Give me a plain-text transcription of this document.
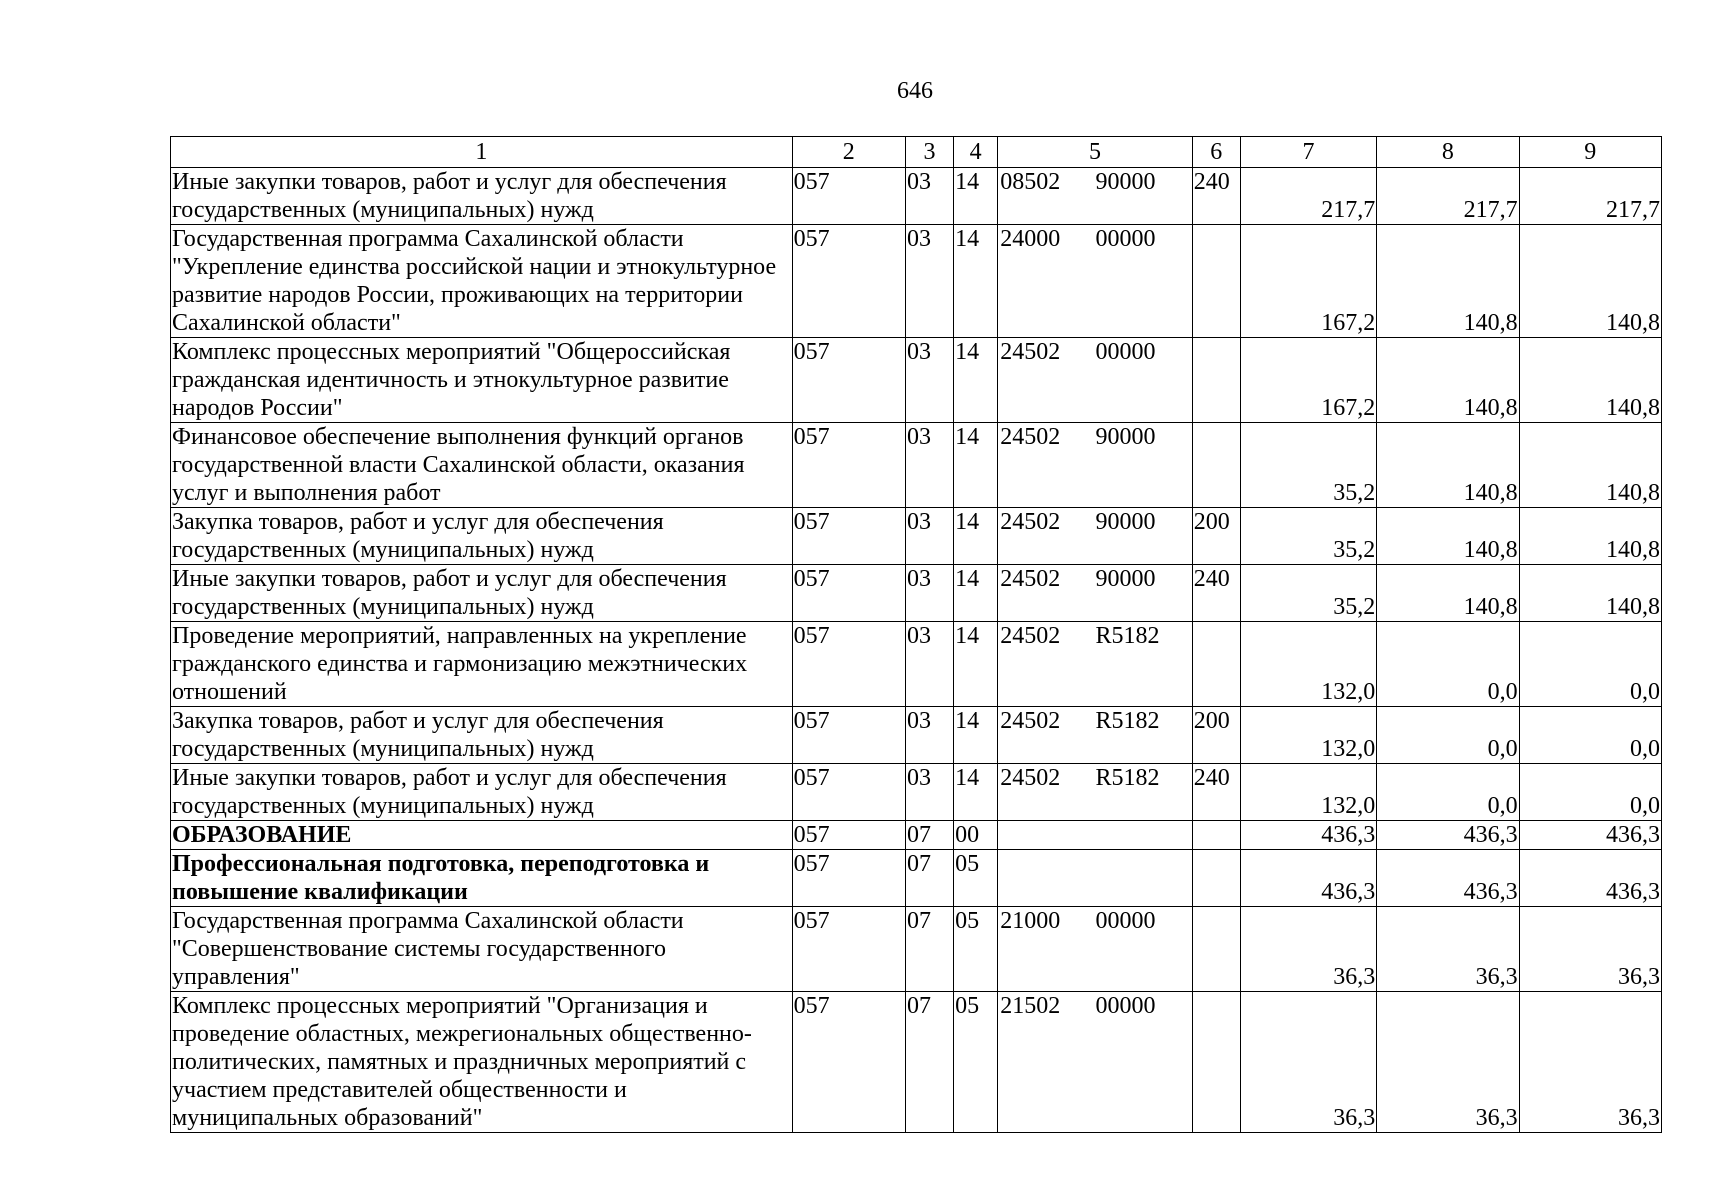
646
1	2	3	4	5	6	7	8	9
Иные закупки товаров, работ и услуг для обеспечения государственных (муниципальных) нужд	057	03	14	08502 90000	240	217,7	217,7	217,7
Государственная программа Сахалинской области "Укрепление единства российской нации и этнокультурное развитие народов России, проживающих на территории Сахалинской области"	057	03	14	24000 00000		167,2	140,8	140,8
Комплекс процессных мероприятий "Общероссийская гражданская идентичность и этнокультурное развитие народов России"	057	03	14	24502 00000		167,2	140,8	140,8
Финансовое обеспечение выполнения функций органов государственной власти Сахалинской области, оказания услуг и выполнения работ	057	03	14	24502 90000		35,2	140,8	140,8
Закупка товаров, работ и услуг для обеспечения государственных (муниципальных) нужд	057	03	14	24502 90000	200	35,2	140,8	140,8
Иные закупки товаров, работ и услуг для обеспечения государственных (муниципальных) нужд	057	03	14	24502 90000	240	35,2	140,8	140,8
Проведение мероприятий, направленных на укрепление гражданского единства и гармонизацию межэтнических отношений	057	03	14	24502 R5182		132,0	0,0	0,0
Закупка товаров, работ и услуг для обеспечения государственных (муниципальных) нужд	057	03	14	24502 R5182	200	132,0	0,0	0,0
Иные закупки товаров, работ и услуг для обеспечения государственных (муниципальных) нужд	057	03	14	24502 R5182	240	132,0	0,0	0,0
ОБРАЗОВАНИЕ	057	07	00			436,3	436,3	436,3
Профессиональная подготовка, переподготовка и повышение квалификации	057	07	05			436,3	436,3	436,3
Государственная программа Сахалинской области "Совершенствование системы государственного управления"	057	07	05	21000 00000		36,3	36,3	36,3
Комплекс процессных мероприятий "Организация и проведение областных, межрегиональных общественно-политических, памятных и праздничных мероприятий с участием представителей общественности и муниципальных образований"	057	07	05	21502 00000		36,3	36,3	36,3
